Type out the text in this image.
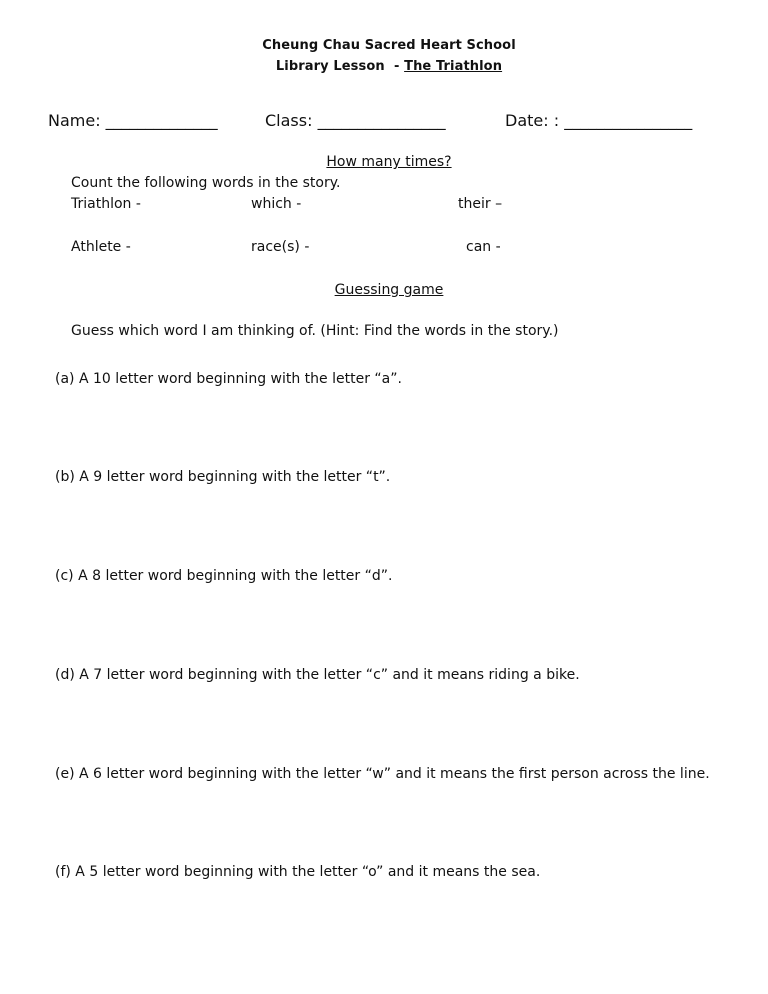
Cheung Chau Sacred Heart School
Library Lesson  - The Triathlon
Name: ______________	Class: ________________	Date: : ________________
How many times?
Count the following words in the story.
Triathlon -	which -	their –
Athlete -	race(s) -	can -
Guessing game
Guess which word I am thinking of. (Hint: Find the words in the story.)
(a) A 10 letter word beginning with the letter “a”.
(b) A 9 letter word beginning with the letter “t”.
(c) A 8 letter word beginning with the letter “d”.
(d) A 7 letter word beginning with the letter “c” and it means riding a bike.
(e) A 6 letter word beginning with the letter “w” and it means the first person across the line.
(f) A 5 letter word beginning with the letter “o” and it means the sea.
